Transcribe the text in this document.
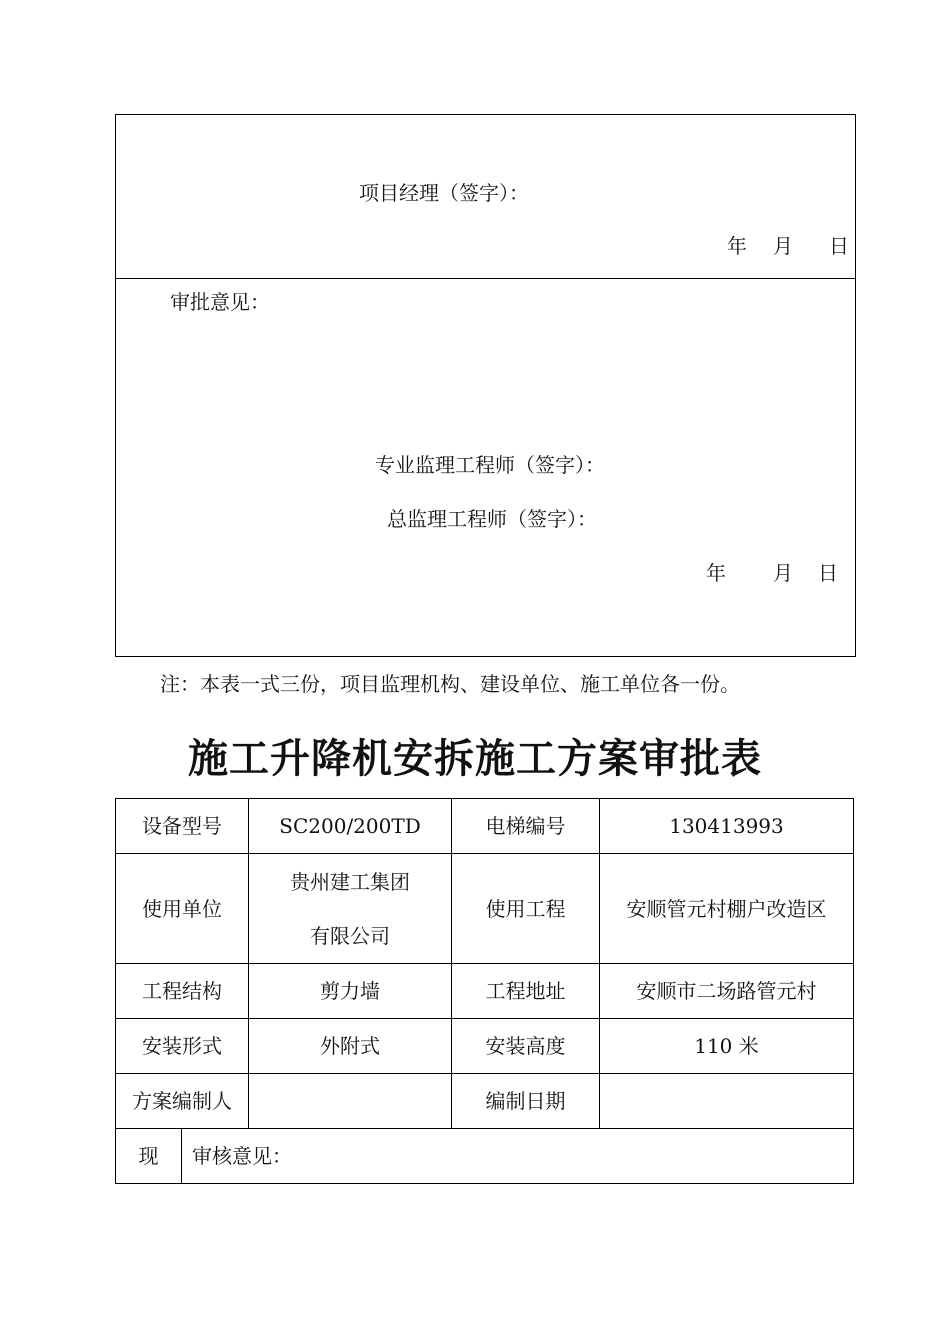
项目经理（签字）：
年 月 日
审批意见：
专业监理工程师（签字）：
总监理工程师（签字）：
年 月 日
注：本表一式三份，项目监理机构、建设单位、施工单位各一份。
施工升降机安拆施工方案审批表
设备型号		SC200/200TD	电梯编号	130413993
使用单位		贵州建工集团
有限公司	使用工程	安顺管元村棚户改造区
工程结构		剪力墙	工程地址	安顺市二场路管元村
安装形式		外附式	安装高度	110 米
方案编制人			编制日期	
现	审核意见：			
